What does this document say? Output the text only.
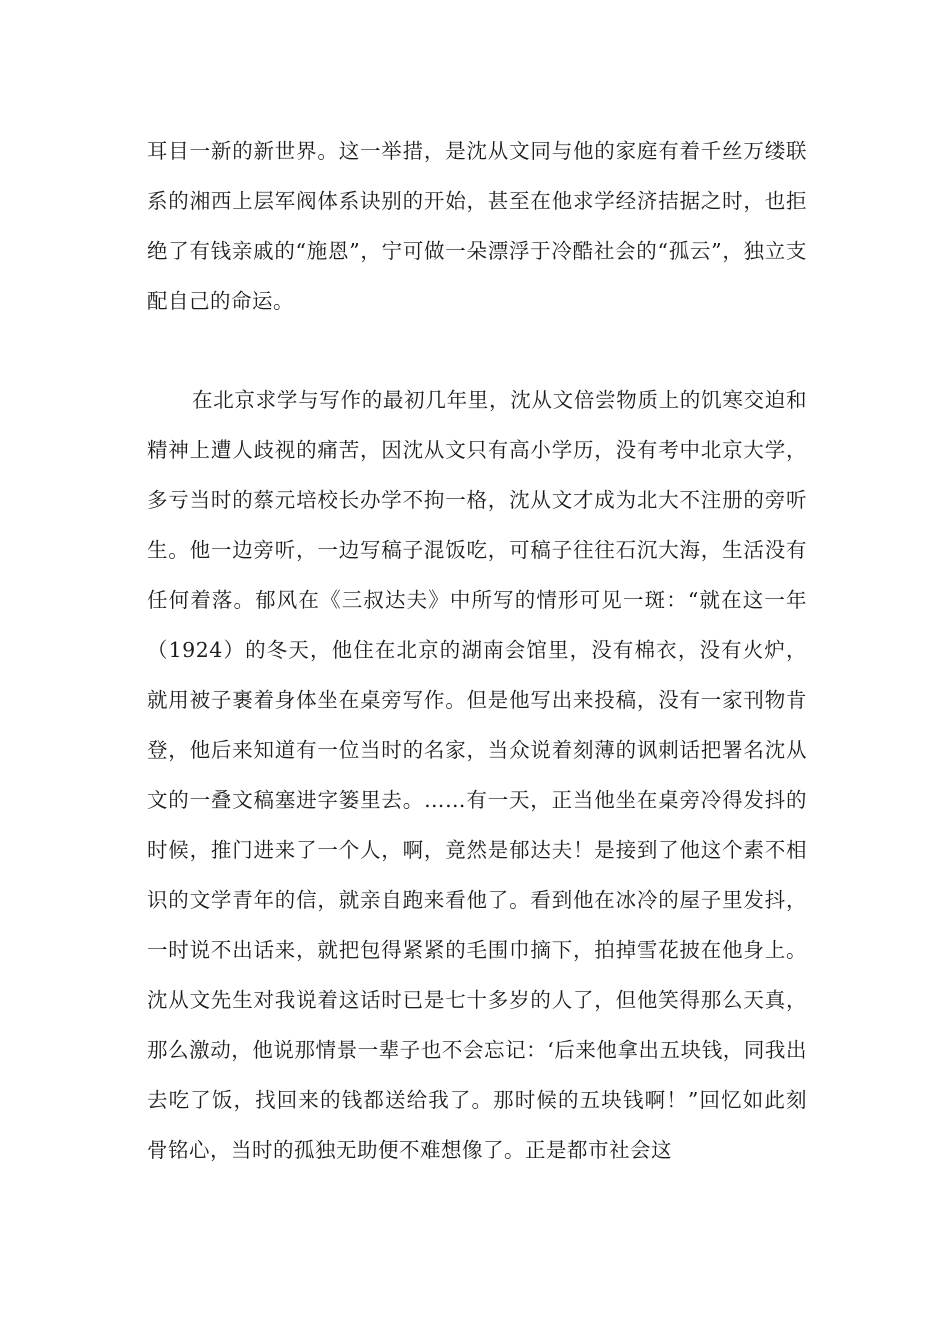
耳目一新的新世界。这一举措，是沈从文同与他的家庭有着千丝万缕联系的湘西上层军阀体系诀别的开始，甚至在他求学经济拮据之时，也拒绝了有钱亲戚的“施恩”，宁可做一朵漂浮于冷酷社会的“孤云”，独立支配自己的命运。

在北京求学与写作的最初几年里，沈从文倍尝物质上的饥寒交迫和精神上遭人歧视的痛苦，因沈从文只有高小学历，没有考中北京大学，多亏当时的蔡元培校长办学不拘一格，沈从文才成为北大不注册的旁听生。他一边旁听，一边写稿子混饭吃，可稿子往往石沉大海，生活没有任何着落。郁风在《三叔达夫》中所写的情形可见一斑：“就在这一年（1924）的冬天，他住在北京的湖南会馆里，没有棉衣，没有火炉，就用被子裹着身体坐在桌旁写作。但是他写出来投稿，没有一家刊物肯登，他后来知道有一位当时的名家，当众说着刻薄的讽刺话把署名沈从文的一叠文稿塞进字篓里去。……有一天，正当他坐在桌旁冷得发抖的时候，推门进来了一个人，啊，竟然是郁达夫！是接到了他这个素不相识的文学青年的信，就亲自跑来看他了。看到他在冰冷的屋子里发抖，一时说不出话来，就把包得紧紧的毛围巾摘下，拍掉雪花披在他身上。沈从文先生对我说着这话时已是七十多岁的人了，但他笑得那么天真，那么激动，他说那情景一辈子也不会忘记：‘后来他拿出五块钱，同我出去吃了饭，找回来的钱都送给我了。那时候的五块钱啊！”回忆如此刻骨铭心，当时的孤独无助便不难想像了。正是都市社会这
